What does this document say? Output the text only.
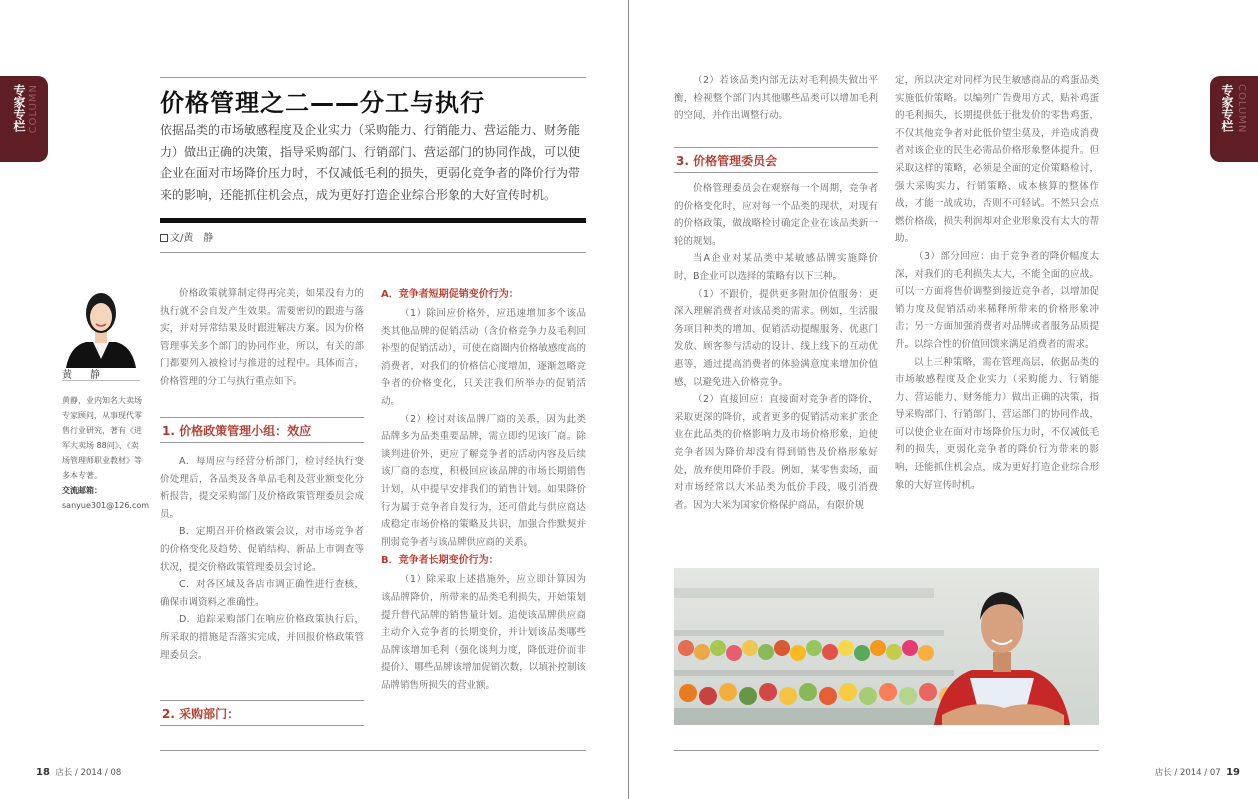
专家专栏 COLUMN	价格管理之二——分工与执行

依据品类的市场敏感程度及企业实力（采购能力、行销能力、营运能力、财务能力）做出正确的决策，指导采购部门、行销部门、营运部门的协同作战，可以使企业在面对市场降价压力时，不仅减低毛利的损失，更弱化竞争者的降价行为带来的影响，还能抓住机会点，成为更好打造企业综合形象的大好宣传时机。

文/黄　静
黄　静
黄静，业内知名大卖场专家顾问，从事现代零售行业研究，著有《进军大卖场 88问》、《卖场管理师职业教材》等多本专著。
交流邮箱：
sanyue301@126.com

价格政策就算制定得再完美，如果没有力的执行就不会自发产生效果。需要密切的跟进与落实，并对异常结果及时跟进解决方案。因为价格管理事关多个部门的协同作业，所以，有关的部门都要列入被检讨与推进的过程中。具体而言，价格管理的分工与执行重点如下。

1. 价格政策管理小组：效应

A．每周应与经营分析部门，检讨经执行变价处理后，各品类及各单品毛利及营业额变化分析报告，提交采购部门及价格政策管理委员会成员。

B．定期召开价格政策会议，对市场竞争者的价格变化及趋势、促销结构、新品上市调查等状况，提交价格政策管理委员会讨论。

C．对各区域及各店市调正确性进行查核，确保市调资料之准确性。

D．追踪采购部门在响应价格政策执行后，所采取的措施是否落实完成，并回报价格政策管理委员会。

2. 采购部门：
A．竞争者短期促销变价行为：

（1）除回应价格外，应迅速增加多个该品类其他品牌的促销活动（含价格竞争力及毛利回补型的促销活动），可使在商圈内价格敏感度高的消费者，对我们的价格信心度增加，逐渐忽略竞争者的价格变化，只关注我们所举办的促销活动。

（2）检讨对该品牌厂商的关系，因为此类品牌多为品类重要品牌，需立即约见该厂商。除谈判进价外，更应了解竞争者的活动内容及后续该厂商的态度，积极回应该品牌的市场长期销售计划，从中提早安排我们的销售计划。如果降价行为属于竞争者自发行为，还可借此与供应商达成稳定市场价格的策略及共识，加强合作默契并削弱竞争者与该品牌供应商的关系。

B．竞争者长期变价行为：

（1）除采取上述措施外，应立即计算因为该品牌降价，所带来的品类毛利损失，开始策划提升替代品牌的销售量计划。追使该品牌供应商主动介入竞争者的长期变价，并计划该品类哪些品牌该增加毛利（强化谈判力度，降低进价而非提价）、哪些品牌该增加促销次数，以填补控制该品牌销售所损失的营业额。

18 店长 / 2014 / 08
专家专栏 COLUMN

（2）若该品类内部无法对毛利损失做出平衡，检视整个部门内其他哪些品类可以增加毛利的空间，并作出调整行动。

3. 价格管理委员会

价格管理委员会在观察每一个周期，竞争者的价格变化时，应对每一个品类的现状，对现有的价格政策，做战略检讨确定企业在该品类新一轮的规划。

当A企业对某品类中某敏感品牌实施降价时，B企业可以选择的策略有以下三种。

（1）不跟价，提供更多附加价值服务：更深入理解消费者对该品类的需求。例如，生活服务项目种类的增加、促销活动提醒服务、优惠门发放、顾客参与活动的设计、线上线下的互动优惠等，通过提高消费者的体验满意度来增加价值感，以避免进入价格竞争。

（2）直接回应：直接面对竞争者的降价，采取更深的降价，或者更多的促销活动来扩张企业在此品类的价格影响力及市场价格形象，迫使竞争者因为降价却没有得到销售及价格形象好处，放弃使用降价手段。例如，某零售卖场，面对市场经常以大米品类为低价手段，吸引消费者。因为大米为国家价格保护商品，有限价规

定，所以决定对同样为民生敏感商品的鸡蛋品类实施低价策略。以编列广告费用方式，贴补鸡蛋的毛利损失，长期提供低于批发价的零售鸡蛋，不仅其他竞争者对此低价望尘莫及，并造成消费者对该企业的民生必需品价格形象整体提升。但采取这样的策略，必须是全面的定价策略检讨，强大采购实力、行销策略、成本核算的整体作战，才能一战成功，否则不可轻试。不然只会点燃价格战，损失利润却对企业形象没有太大的帮助。

（3）部分回应：由于竞争者的降价幅度太深，对我们的毛利损失太大，不能全面的应战。可以一方面将售价调整到接近竞争者，以增加促销力度及促销活动来稀释所带来的价格形象冲击；另一方面加强消费者对品牌或者服务品质提升。以综合性的价值回馈来满足消费者的需求。

以上三种策略，需在管理高层，依据品类的市场敏感程度及企业实力（采购能力、行销能力、营运能力、财务能力）做出正确的决策，指导采购部门、行销部门、营运部门的协同作战，可以使企业在面对市场降价压力时，不仅减低毛利的损失，更弱化竞争者的降价行为带来的影响，还能抓住机会点，成为更好打造企业综合形象的大好宣传时机。

店长 / 2014 / 07 19
